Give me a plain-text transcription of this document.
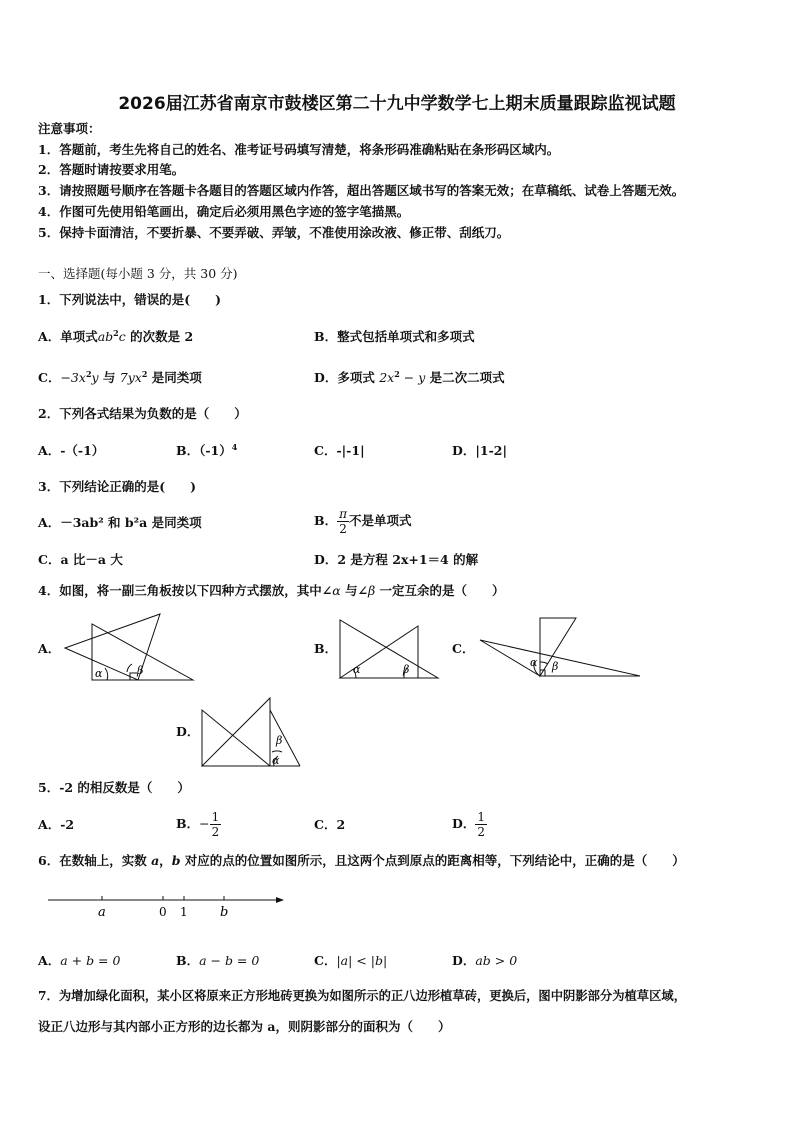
2026届江苏省南京市鼓楼区第二十九中学数学七上期末质量跟踪监视试题
注意事项：
1．答题前，考生先将自己的姓名、准考证号码填写清楚，将条形码准确粘贴在条形码区域内。
2．答题时请按要求用笔。
3．请按照题号顺序在答题卡各题目的答题区域内作答，超出答题区域书写的答案无效；在草稿纸、试卷上答题无效。
4．作图可先使用铅笔画出，确定后必须用黑色字迹的签字笔描黑。
5．保持卡面清洁，不要折暴、不要弄破、弄皱，不准使用涂改液、修正带、刮纸刀。
一、选择题(每小题 3 分，共 30 分)
1．下列说法中，错误的是(　　)
A．单项式$ab^2c$ 的次数是 2	B．整式包括单项式和多项式
C．$-3x^2y$ 与 $7yx^2$ 是同类项	D．多项式 $2x^2 - y$ 是二次二项式
2．下列各式结果为负数的是（　　）
A．-（-1）	B．$(-1)^4$	C．-|-1|	D．|1-2|
3．下列结论正确的是(　　)
A．－3ab² 和 b²a 是同类项	B． $\frac{\pi}{2}$ 不是单项式
C．a 比－a 大	D．2 是方程 2x+1＝4 的解
4．如图，将一副三角板按以下四种方式摆放，其中∠α 与∠β 一定互余的是（　　）
A．
α	β
B．
α	β
C．
α β
D．
β
α
5．-2 的相反数是（　　）
A．-2	B．− $\frac{1}{2}$	C．2	D． $\frac{1}{2}$
6．在数轴上，实数 a，b 对应的点的位置如图所示，且这两个点到原点的距离相等，下列结论中，正确的是（　　）
a	0 1 b
A．a + b = 0	B．a − b = 0	C．|a| < |b|	D．ab > 0
7．为增加绿化面积，某小区将原来正方形地砖更换为如图所示的正八边形植草砖，更换后，图中阴影部分为植草区域，
设正八边形与其内部小正方形的边长都为 a，则阴影部分的面积为（　　）
